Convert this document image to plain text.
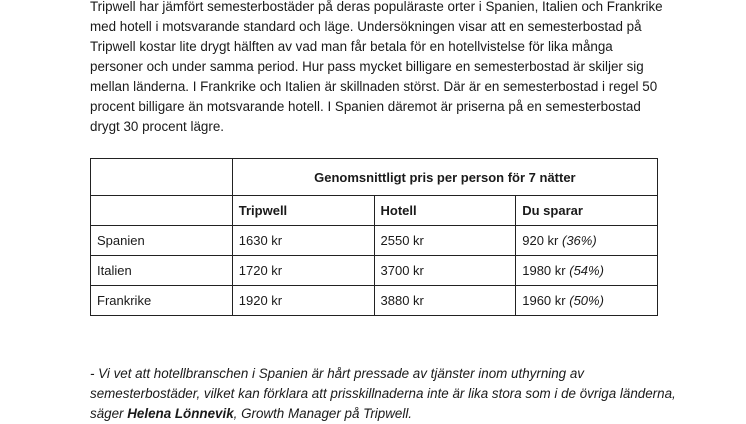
Tripwell har jämfört semesterbostäder på deras populäraste orter i Spanien, Italien och Frankrike
med hotell i motsvarande standard och läge. Undersökningen visar att en semesterbostad på
Tripwell kostar lite drygt hälften av vad man får betala för en hotellvistelse för lika många
personer och under samma period. Hur pass mycket billigare en semesterbostad är skiljer sig
mellan länderna. I Frankrike och Italien är skillnaden störst. Där är en semesterbostad i regel 50
procent billigare än motsvarande hotell. I Spanien däremot är priserna på en semesterbostad
drygt 30 procent lägre.
	Genomsnittligt pris per person för 7 nätter		
	Tripwell	Hotell	Du sparar
Spanien	1630 kr	2550 kr	920 kr (36%)
Italien	1720 kr	3700 kr	1980 kr (54%)
Frankrike	1920 kr	3880 kr	1960 kr (50%)
- Vi vet att hotellbranschen i Spanien är hårt pressade av tjänster inom uthyrning av
semesterbostäder, vilket kan förklara att prisskillnaderna inte är lika stora som i de övriga länderna,
säger Helena Lönnevik, Growth Manager på Tripwell.
